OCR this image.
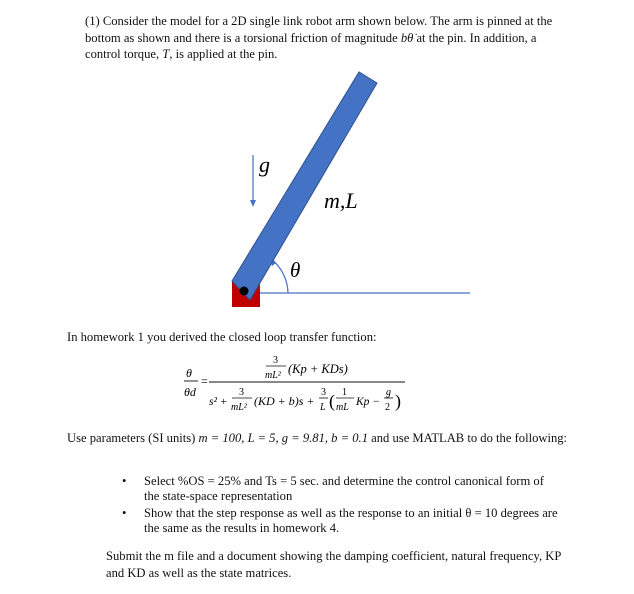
(1) Consider the model for a 2D single link robot arm shown below. The arm is pinned at the bottom as shown and there is a torsional friction of magnitude bθ̇ at the pin. In addition, a control torque, T, is applied at the pin.

g
m,L
θ

In homework 1 you derived the closed loop transfer function:

θ
θd
=
3
mL² (Kp + KDs)
s² +
3
mL² (KD + b)s +
3
L ( 1
mL Kp −
g
2 )

Use parameters (SI units) m = 100, L = 5, g = 9.81, b = 0.1 and use MATLAB to do the following:

• Select %OS = 25% and Ts = 5 sec. and determine the control canonical form of the state-space representation
• Show that the step response as well as the response to an initial θ = 10 degrees are the same as the results in homework 4.

Submit the m file and a document showing the damping coefficient, natural frequency, KP and KD as well as the state matrices.
